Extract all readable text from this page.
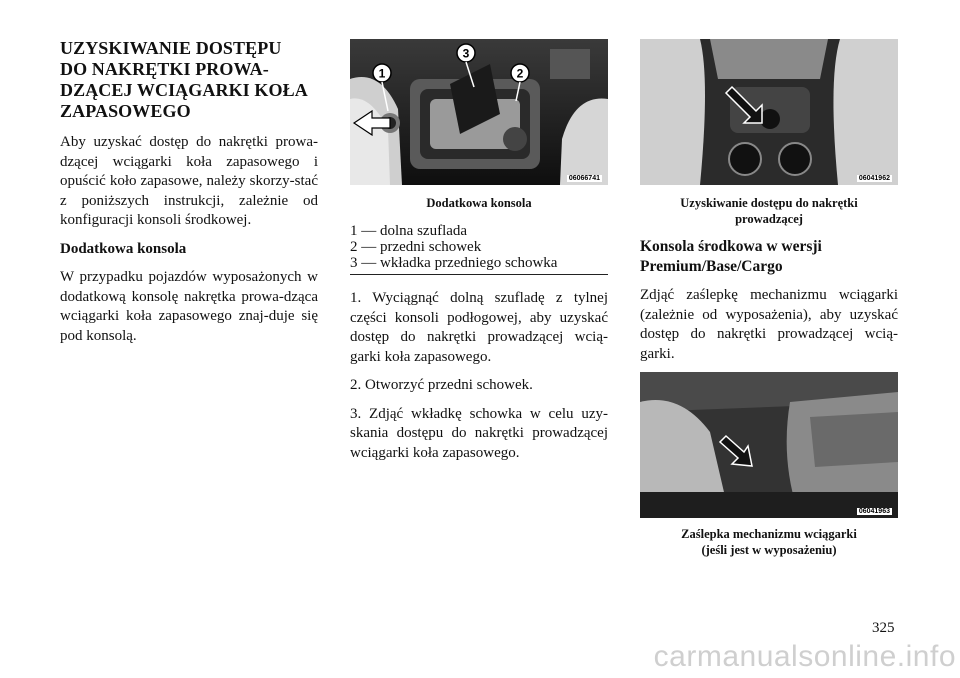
UZYSKIWANIE DOSTĘPU
DO NAKRĘTKI PROWA-
DZĄCEJ WCIĄGARKI KOŁA
ZAPASOWEGO

Aby uzyskać dostęp do nakrętki prowa-dzącej wciągarki koła zapasowego i opuścić koło zapasowe, należy skorzy-stać z poniższych instrukcji, zależnie od konfiguracji konsoli środkowej.

Dodatkowa konsola

W przypadku pojazdów wyposażonych w dodatkową konsolę nakrętka prowa-dząca wciągarki koła zapasowego znaj-duje się pod konsolą.

1
3
2
06066741
Dodatkowa konsola
1 — dolna szuflada
2 — przedni schowek
3 — wkładka przedniego schowka

1. Wyciągnąć dolną szufladę z tylnej części konsoli podłogowej, aby uzyskać dostęp do nakrętki prowadzącej wcią-garki koła zapasowego.

2. Otworzyć przedni schowek.

3. Zdjąć wkładkę schowka w celu uzy-skania dostępu do nakrętki prowadzącej wciągarki koła zapasowego.

06041962
Uzyskiwanie dostępu do nakrętki
prowadzącej
Konsola środkowa w wersji
Premium/Base/Cargo

Zdjąć zaślepkę mechanizmu wciągarki (zależnie od wyposażenia), aby uzyskać dostęp do nakrętki prowadzącej wcią-garki.

06041963
Zaślepka mechanizmu wciągarki
(jeśli jest w wyposażeniu)
325
carmanualsonline.info
